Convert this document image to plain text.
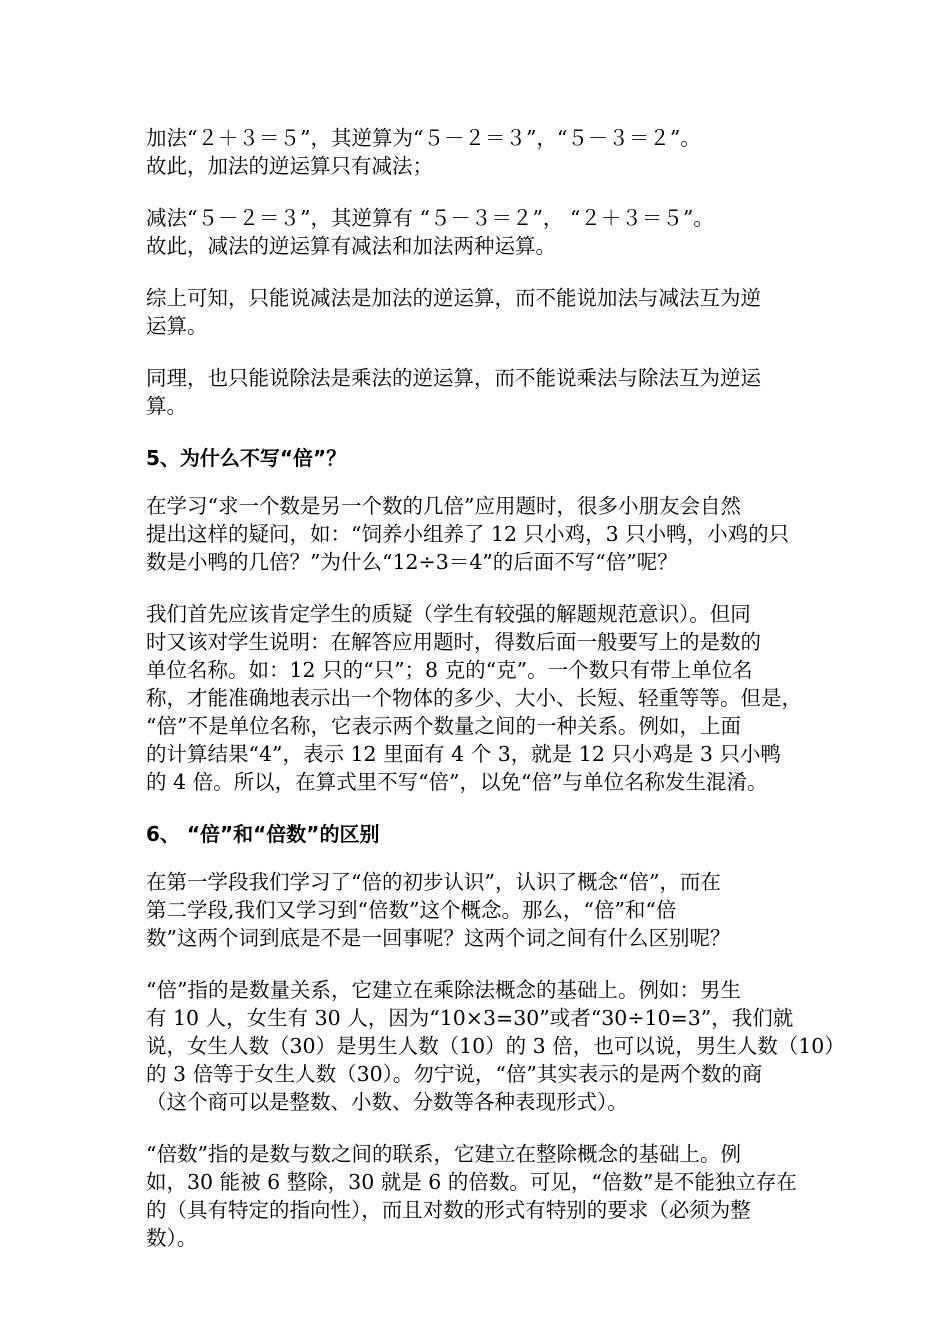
加法“２＋３＝５”，其逆算为“５－２＝３”，“５－３＝２”。
故此，加法的逆运算只有减法；

减法“５－２＝３”，其逆算有 “５－３＝２”， “２＋３＝５”。
故此，减法的逆运算有减法和加法两种运算。

综上可知，只能说减法是加法的逆运算，而不能说加法与减法互为逆
运算。

同理，也只能说除法是乘法的逆运算，而不能说乘法与除法互为逆运
算。

5、为什么不写“倍”？

在学习“求一个数是另一个数的几倍”应用题时，很多小朋友会自然
提出这样的疑问，如：“饲养小组养了 12 只小鸡，3 只小鸭，小鸡的只
数是小鸭的几倍？”为什么“12÷3＝4”的后面不写“倍”呢？

我们首先应该肯定学生的质疑（学生有较强的解题规范意识）。但同
时又该对学生说明：在解答应用题时，得数后面一般要写上的是数的
单位名称。如：12 只的“只”；8 克的“克”。一个数只有带上单位名
称，才能准确地表示出一个物体的多少、大小、长短、轻重等等。但是，
“倍”不是单位名称，它表示两个数量之间的一种关系。例如，上面
的计算结果“4”，表示 12 里面有 4 个 3，就是 12 只小鸡是 3 只小鸭
的 4 倍。所以，在算式里不写“倍”，以免“倍”与单位名称发生混淆。

6、 “倍”和“倍数”的区别

在第一学段我们学习了“倍的初步认识”，认识了概念“倍”，而在
第二学段,我们又学习到“倍数”这个概念。那么，“倍”和“倍
数”这两个词到底是不是一回事呢？这两个词之间有什么区别呢？

“倍”指的是数量关系，它建立在乘除法概念的基础上。例如：男生
有 10 人，女生有 30 人，因为“10×3=30”或者“30÷10=3”，我们就
说，女生人数（30）是男生人数（10）的 3 倍，也可以说，男生人数（10）
的 3 倍等于女生人数（30）。勿宁说，“倍”其实表示的是两个数的商
（这个商可以是整数、小数、分数等各种表现形式）。

“倍数”指的是数与数之间的联系，它建立在整除概念的基础上。例
如，30 能被 6 整除，30 就是 6 的倍数。可见，“倍数”是不能独立存在
的（具有特定的指向性），而且对数的形式有特别的要求（必须为整
数）。
